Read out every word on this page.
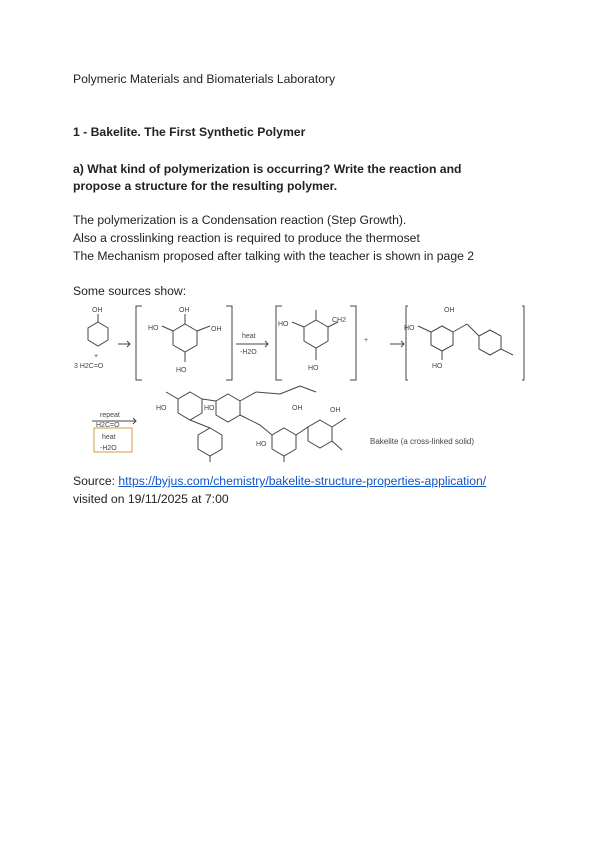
Polymeric Materials and Biomaterials Laboratory
1 - Bakelite. The First Synthetic Polymer
a) What kind of polymerization is occurring? Write the reaction and
propose a structure for the resulting polymer.
The polymerization is a Condensation reaction (Step Growth).
Also a crosslinking reaction is required to produce the thermoset
The Mechanism proposed after talking with the teacher is shown in page 2
Some sources show:
OH
+
3 H2C=O
OH
HO	OH
HO
heat
-H2O
HO
CH2
HO
+
HO
OH
HO
repeat
H2C=O
heat
-H2O
HO	HO
HO
OH	OH
Bakelite (a cross-linked solid)
Source: https://byjus.com/chemistry/bakelite-structure-properties-application/
visited on 19/11/2025 at 7:00
